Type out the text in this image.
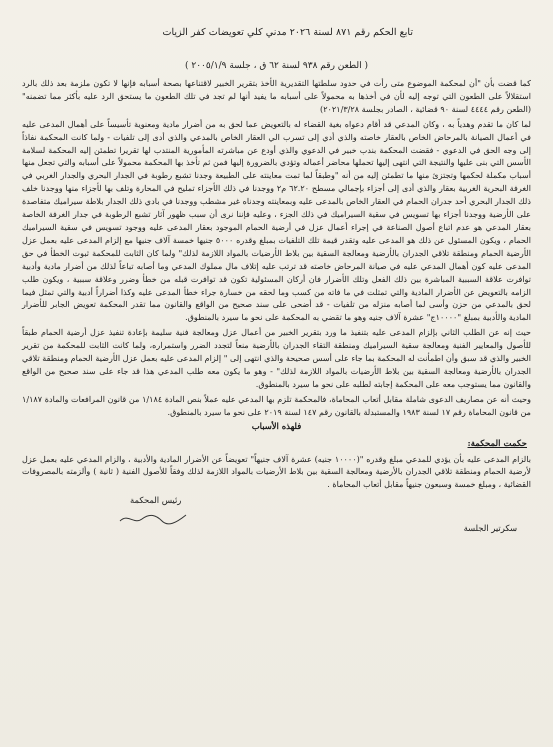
تابع الحكم رقم ٨٧١ لسنة ٢٠٢٦ مدني كلي تعويضات كفر الزيات
( الطعن رقم ٩٣٨ لسنة ٦٢ ق ، جلسة ٢٠٠٥/١/٩ )

كما قضت بأن "أن لمحكمة الموضوع متى رأت في حدود سلطتها التقديرية الأخذ بتقرير الخبير لاقتناعها بصحة أسبابه فإنها لا تكون ملزمة بعد ذلك بالرد استقلالاً على الطعون التي توجه إليه لأن في أخذها به محمولاً على أسبابه ما يفيد أنها لم تجد في تلك الطعون ما يستحق الرد عليه بأكثر مما تضمنه" (الطعن رقم ٤٤٤٤ لسنة ٩٠ قضائية ، الصادر بجلسة ٢٠٢١/٣/٢٨)

لما كان ما تقدم وهدياً به ، وكان المدعي قد أقام دعواه بغية القضاء له بالتعويض عما لحق به من أضرار مادية ومعنوية تأسيساً على أهمال المدعى عليه في أعمال الصيانة بالمرحاض الخاص بالعقار خاصته والذي أدي إلى تسرب الي العقار الخاص بالمدعي والذي أدى إلى تلفيات - ولما كانت المحكمة نفاذاً إلى وجه الحق في الدعوي - فقضت المحكمة بندب خبير في الدعوي والذي أودع عن مباشرته المأمورية المنتدب لها تقريرا تطمئن إليه المحكمة لسلامة الأسس التي بنى عليها والنتيجة التي انتهى إليها تحملها محاضر أعماله وتؤدي بالضرورة إليها فمن ثم تأخذ بها المحكمة محمولاً على أسبابه والتي تجعل منها أسباب مكملة لحكمها وتجتزئ منها ما تطمئن إليه من أنه "وطبقاً لما تمت معاينته على الطبيعة وجدنا تشبع رطوبة في الجدار البحري والجدار الغربي في الغرفة البحرية الغربية بعقار والذي أدى إلى أجزاء بإجمالي مسطح ٦٢.٢٠ م٢ ووجدنا في ذلك الأجزاء تمليح في المحارة وتلف بها لأجزاء منها ووجدنا خلف ذلك الجدار البحري أحد جدران الحمام في العقار الخاص بالمدعى عليه وبمعاينته وجدناه غير مشطب ووجدنا في بادي ذلك الجدار بلاطة سيراميك متفاصدة على الأرضية ووجدنا أجزاء بها تسويس في سقية السيراميك في ذلك الجزء ، وعليه فإننا نرى أن سبب ظهور آثار تشبع الرطوبة في جدار الغرفة الخاصة بعقار المدعي هو عدم اتباع أصول الصناعة في إجراء أعمال عزل في أرضية الحمام الموجود بعقار المدعى عليه ووجود تسويس في سقية السيراميك الحمام ، ويكون المسئول عن ذلك هو المدعى عليه وتقدر قيمة تلك التلفيات بمبلغ وقدره ٥٠٠٠ جنيها خمسة آلاف جنيها مع إلزام المدعى عليه بعمل عزل الأرضية الحمام ومنطقة تلاقي الجدران بالأرضية ومعالجة السقية بين بلاط الأرضيات بالمواد اللازمة لذلك" ولما كان الثابت للمحكمة ثبوت الخطأ في حق المدعى عليه كون أهمال المدعي عليه في صيانة المرحاض خاصته قد ترتب عليه إتلاف مال مملوك المدعي وما أصابه تباعاً لذلك من أضرار مادية وأدبية توافرت علاقة السببية المباشرة بين ذلك الفعل وتلك الأضرار فان أركان المسئولية تكون قد توافرت قبله من خطأ وضرر وعلاقة سببية ، ويكون طلب الزامه بالتعويض عن الأضرار المادية والتي تمثلت في ما فاته من كسب وما لحقه من خسارة جراء خطأ المدعى عليه وكذا أضراراً أدبية والتي تمثل فيما لحق بالمدعي من حزن وأسى لما أصابه منزله من تلفيات - قد أضحى على سند صحيح من الواقع والقانون مما تقدر المحكمة تعويض الجابر للأضرار المادية والأدبية بمبلغ "١٠٠٠٠ج" عشرة آلاف جنيه وهو ما تقضي به المحكمة على نحو ما سيرد بالمنطوق.

حيث إنه عن الطلب الثاني بإلزام المدعى عليه بتنفيذ ما ورد بتقرير الخبير من أعمال عزل ومعالجة فنية سليمة بإعادة تنفيذ عزل أرضية الحمام طبقاً للأصول والمعايير الفنية ومعالجة سقية السيراميك ومنطقة التقاء الجدران بالأرضية منعاً لتجدد الضرر واستمراره، ولما كانت الثابت للمحكمة من تقرير الخبير والذي قد سبق وأن اطمأنت له المحكمة بما جاء على أسس صحيحة والذي انتهى إلى " إلزام المدعى عليه بعمل عزل الأرضية الحمام ومنطقة تلاقي الجدران بالأرضية ومعالجة السقية بين بلاط الأرضيات بالمواد اللازمة لذلك" - وهو ما يكون معه طلب المدعي هذا قد جاء على سند صحيح من الواقع والقانون مما يستوجب معه على المحكمة إجابته لطلبه على نحو ما سيرد بالمنطوق.

وحيث أنه عن مصاريف الدعوى شاملة مقابل أتعاب المحاماة، فالمحكمة تلزم بها المدعي عليه عملاً بنص المادة ١/١٨٤ من قانون المرافعات والمادة ١/١٨٧ من قانون المحاماة رقم ١٧ لسنة ١٩٨٣ والمستبدلة بالقانون رقم ١٤٧ لسنة ٢٠١٩ على نحو ما سيرد بالمنطوق.

فلهذه الأسباب
حكمت المحكمة:
بالزام المدعى عليه بأن يؤدي للمدعي مبلغ وقدره "(١٠٠٠٠ جنيه) عشرة آلاف جنيهاً" تعويضاً عن الأضرار المادية والأدبية ، والزام المدعي عليه بعمل عزل لأرضية الحمام ومنطقة تلاقي الجدران بالأرضية ومعالجة السقية بين بلاط الأرضيات بالمواد اللازمة لذلك وفقاً للأصول الفنية ( ثانية ) وألزمته بالمصروفات القضائية ، ومبلغ خمسة وسبعون جنيهاً مقابل أتعاب المحاماة .
رئيس المحكمة
سكرتير الجلسة
